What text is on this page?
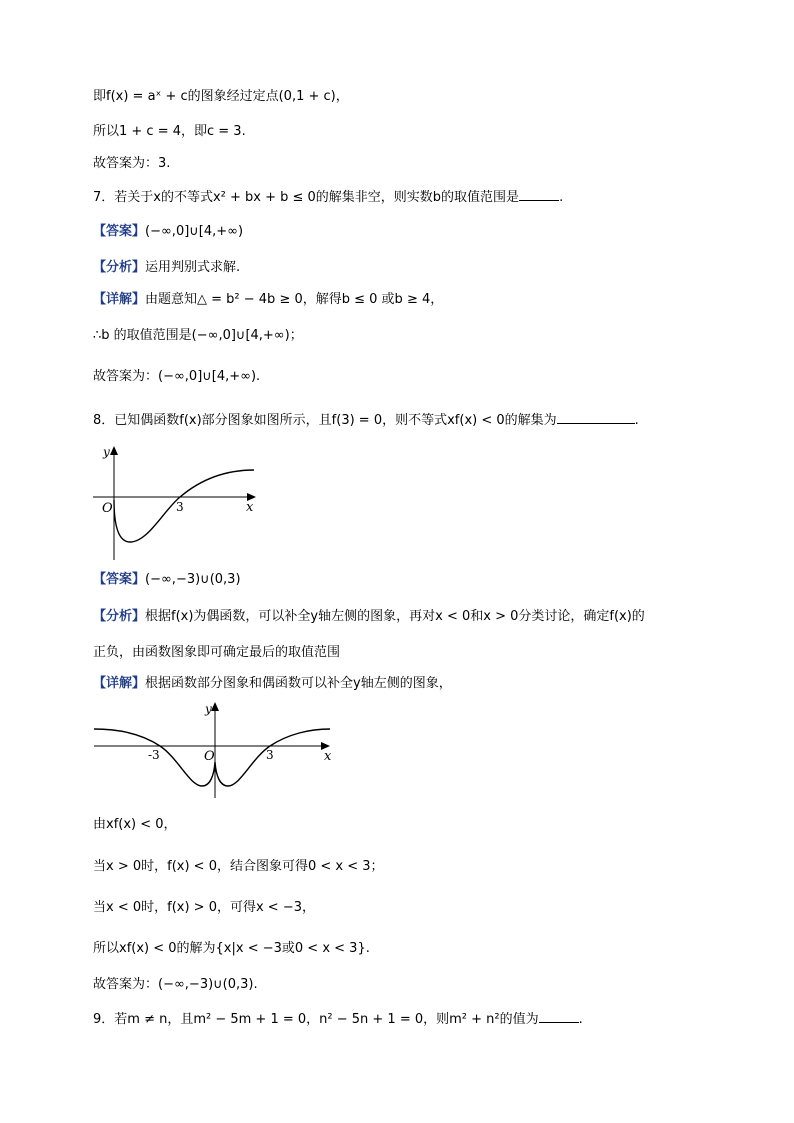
即f(x) = aˣ + c的图象经过定点(0,1 + c)，
所以1 + c = 4，即c = 3.
故答案为：3.
7．若关于x的不等式x² + bx + b ≤ 0的解集非空，则实数b的取值范围是	.
【答案】(−∞,0]∪[4,+∞)
【分析】运用判别式求解.
【详解】由题意知△ = b² − 4b ≥ 0，解得b ≤ 0 或b ≥ 4，
∴b 的取值范围是(−∞,0]∪[4,+∞)；
故答案为：(−∞,0]∪[4,+∞).
8．已知偶函数f(x)部分图象如图所示，且f(3) = 0，则不等式xf(x) < 0的解集为	.
y
O	x
3
【答案】(−∞,−3)∪(0,3)
【分析】根据f(x)为偶函数，可以补全y轴左侧的图象，再对x < 0和x > 0分类讨论，确定f(x)的
正负，由函数图象即可确定最后的取值范围
【详解】根据函数部分图象和偶函数可以补全y轴左侧的图象，
y
O	x
-3	3
由xf(x) < 0，
当x > 0时，f(x) < 0，结合图象可得0 < x < 3；
当x < 0时，f(x) > 0，可得x < −3，
所以xf(x) < 0的解为{x|x < −3或0 < x < 3}.
故答案为：(−∞,−3)∪(0,3).
9．若m ≠ n，且m² − 5m + 1 = 0，n² − 5n + 1 = 0，则m² + n²的值为	.
